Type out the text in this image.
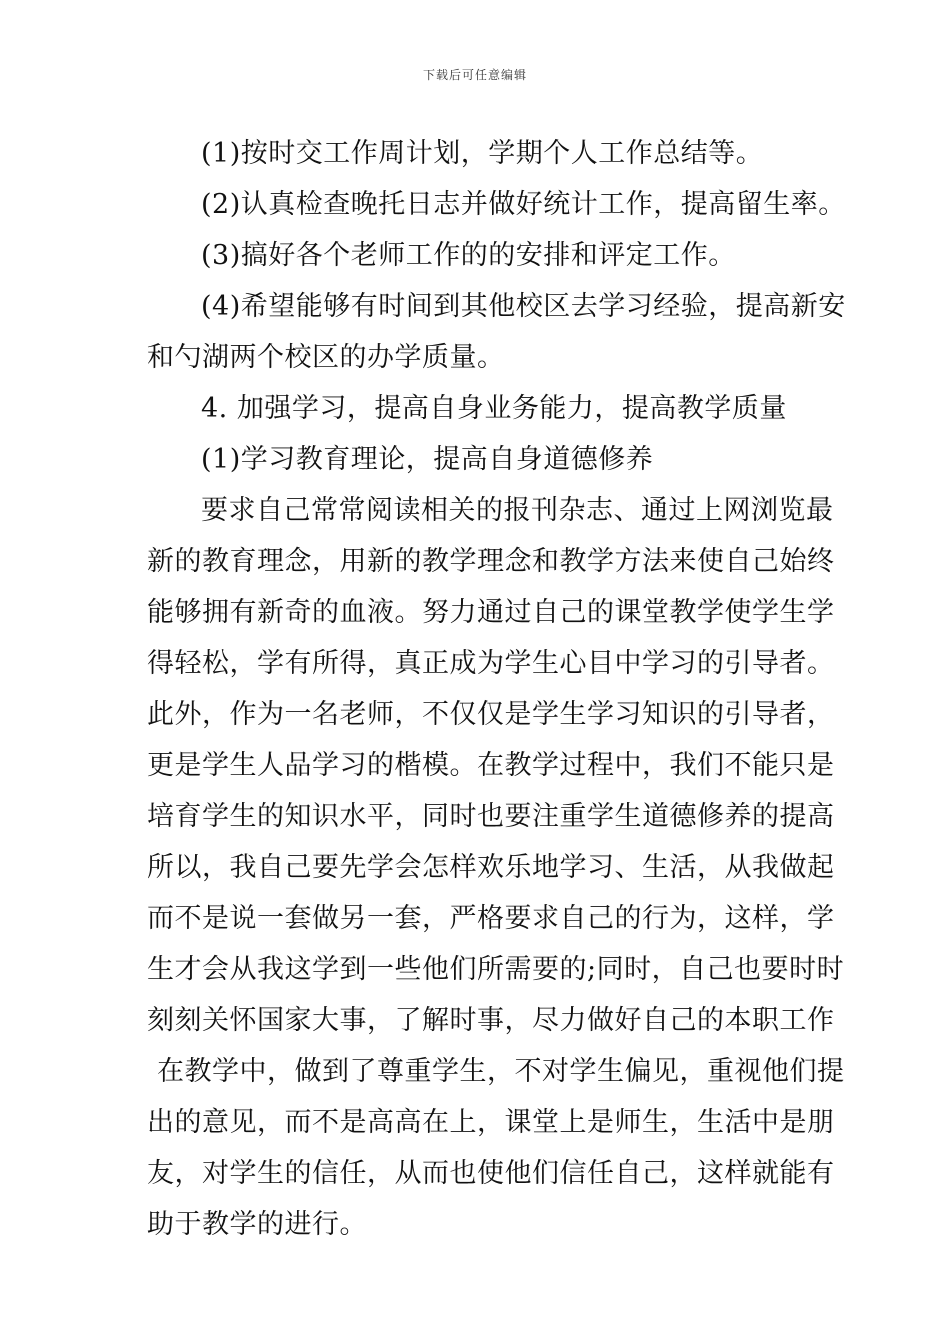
下载后可任意编辑
(1)按时交工作周计划，学期个人工作总结等。
(2)认真检查晚托日志并做好统计工作，提高留生率。
(3)搞好各个老师工作的的安排和评定工作。
(4)希望能够有时间到其他校区去学习经验，提高新安
和勺湖两个校区的办学质量。
4. 加强学习，提高自身业务能力，提高教学质量
(1)学习教育理论，提高自身道德修养
要求自己常常阅读相关的报刊杂志、通过上网浏览最
新的教育理念，用新的教学理念和教学方法来使自己始终
能够拥有新奇的血液。努力通过自己的课堂教学使学生学
得轻松，学有所得，真正成为学生心目中学习的引导者。
此外，作为一名老师，不仅仅是学生学习知识的引导者，
更是学生人品学习的楷模。在教学过程中，我们不能只是
培育学生的知识水平，同时也要注重学生道德修养的提高
所以，我自己要先学会怎样欢乐地学习、生活，从我做起
而不是说一套做另一套，严格要求自己的行为，这样，学
生才会从我这学到一些他们所需要的;同时，自己也要时时
刻刻关怀国家大事，了解时事，尽力做好自己的本职工作
在教学中，做到了尊重学生，不对学生偏见，重视他们提
出的意见，而不是高高在上，课堂上是师生，生活中是朋
友，对学生的信任，从而也使他们信任自己，这样就能有
助于教学的进行。
